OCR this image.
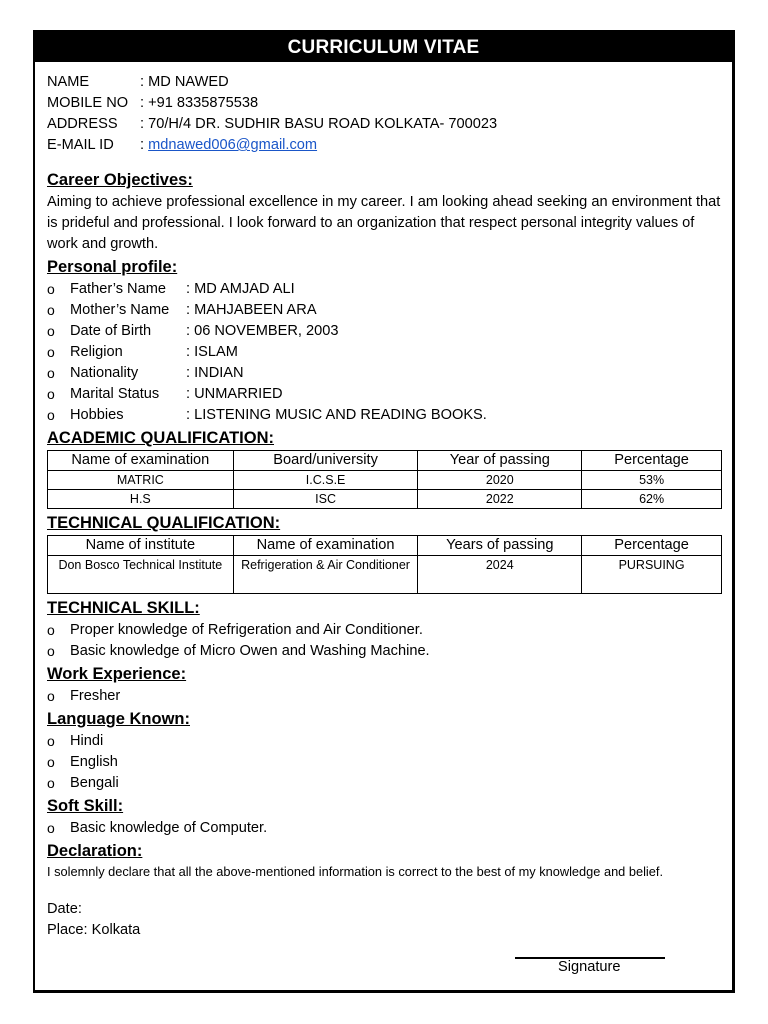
CURRICULUM VITAE
NAME	: MD NAWED
MOBILE NO : +91 8335875538
ADDRESS : 70/H/4 DR. SUDHIR BASU ROAD KOLKATA- 700023
E-MAIL ID : mdnawed006@gmail.com
Career Objectives:
Aiming to achieve professional excellence in my career. I am looking ahead seeking an environment that is prideful and professional. I look forward to an organization that respect personal integrity values of work and growth.
Personal profile:
o
Father’s Name : MD AMJAD ALI
o
Mother’s Name : MAHJABEEN ARA
o
Date of Birth : 06 NOVEMBER, 2003
o
Religion	: ISLAM
o
Nationality	: INDIAN
o
Marital Status : UNMARRIED
o
Hobbies	: LISTENING MUSIC AND READING BOOKS.
ACADEMIC QUALIFICATION:
Name of examination	Board/university	Year of passing	Percentage
MATRIC	I.C.S.E	2020	53%
H.S	ISC	2022	62%
TECHNICAL QUALIFICATION:
Name of institute	Name of examination	Years of passing	Percentage
Don Bosco Technical Institute	Refrigeration & Air Conditioner	2024	PURSUING
TECHNICAL SKILL:
o
Proper knowledge of Refrigeration and Air Conditioner.
o
Basic knowledge of Micro Owen and Washing Machine.
Work Experience:
o
Fresher
Language Known:
o
Hindi
o
English
o
Bengali
Soft Skill:
o
Basic knowledge of Computer.
Declaration:
I solemnly declare that all the above-mentioned information is correct to the best of my knowledge and belief.
Date:
Place: Kolkata
Signature
